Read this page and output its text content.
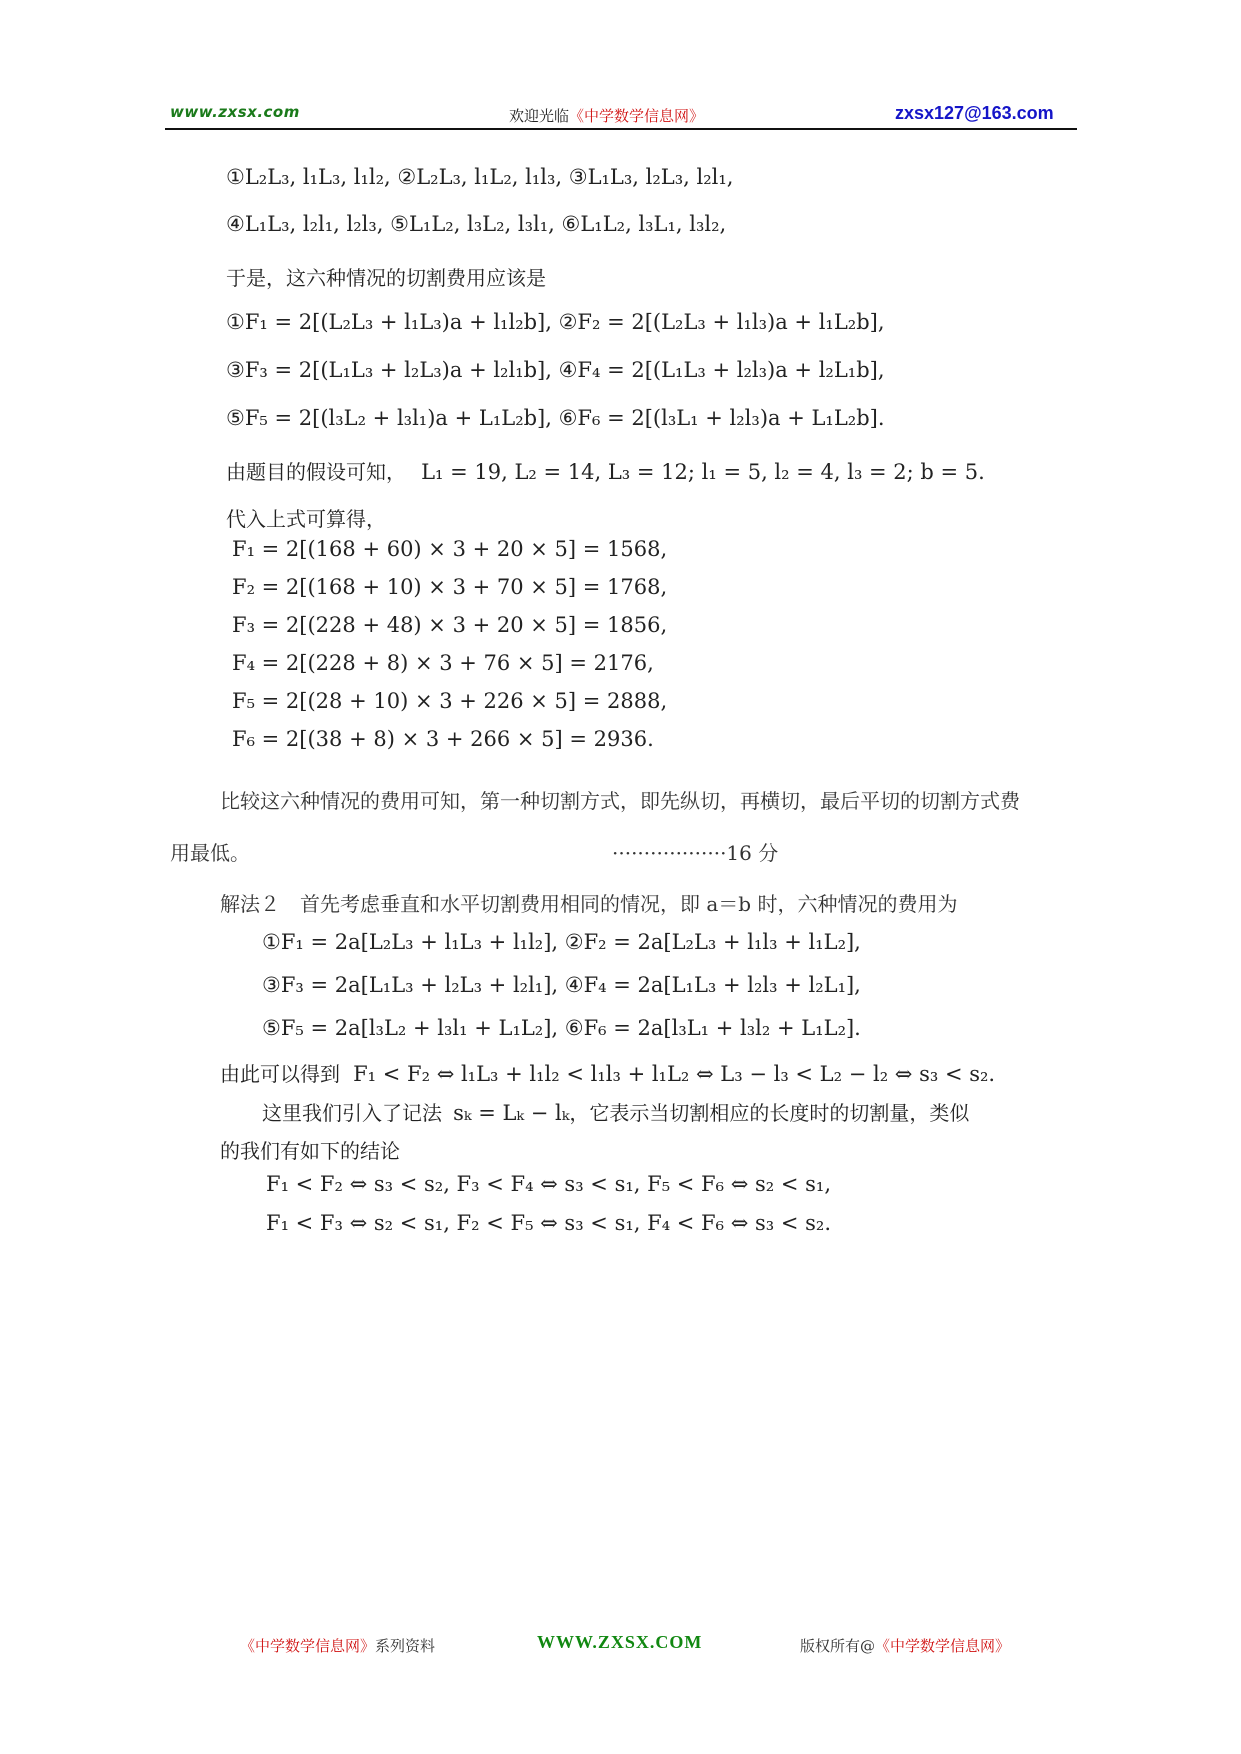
www.zxsx.com	欢迎光临《中学数学信息网》	zxsx127@163.com
①L₂L₃, l₁L₃, l₁l₂, ②L₂L₃, l₁L₂, l₁l₃, ③L₁L₃, l₂L₃, l₂l₁,
④L₁L₃, l₂l₁, l₂l₃, ⑤L₁L₂, l₃L₂, l₃l₁, ⑥L₁L₂, l₃L₁, l₃l₂,
于是，这六种情况的切割费用应该是
①F₁ = 2[(L₂L₃ + l₁L₃)a + l₁l₂b], ②F₂ = 2[(L₂L₃ + l₁l₃)a + l₁L₂b],
③F₃ = 2[(L₁L₃ + l₂L₃)a + l₂l₁b], ④F₄ = 2[(L₁L₃ + l₂l₃)a + l₂L₁b],
⑤F₅ = 2[(l₃L₂ + l₃l₁)a + L₁L₂b], ⑥F₆ = 2[(l₃L₁ + l₂l₃)a + L₁L₂b].
由题目的假设可知， L₁ = 19, L₂ = 14, L₃ = 12; l₁ = 5, l₂ = 4, l₃ = 2; b = 5.
代入上式可算得，
F₁ = 2[(168 + 60) × 3 + 20 × 5] = 1568,
F₂ = 2[(168 + 10) × 3 + 70 × 5] = 1768,
F₃ = 2[(228 + 48) × 3 + 20 × 5] = 1856,
F₄ = 2[(228 + 8) × 3 + 76 × 5] = 2176,
F₅ = 2[(28 + 10) × 3 + 226 × 5] = 2888,
F₆ = 2[(38 + 8) × 3 + 266 × 5] = 2936.
比较这六种情况的费用可知，第一种切割方式，即先纵切，再横切，最后平切的切割方式费
用最低。	··················16 分
解法２　首先考虑垂直和水平切割费用相同的情况，即 a＝b 时，六种情况的费用为
①F₁ = 2a[L₂L₃ + l₁L₃ + l₁l₂], ②F₂ = 2a[L₂L₃ + l₁l₃ + l₁L₂],
③F₃ = 2a[L₁L₃ + l₂L₃ + l₂l₁], ④F₄ = 2a[L₁L₃ + l₂l₃ + l₂L₁],
⑤F₅ = 2a[l₃L₂ + l₃l₁ + L₁L₂], ⑥F₆ = 2a[l₃L₁ + l₃l₂ + L₁L₂].
由此可以得到 F₁ < F₂ ⇔ l₁L₃ + l₁l₂ < l₁l₃ + l₁L₂ ⇔ L₃ − l₃ < L₂ − l₂ ⇔ s₃ < s₂.
这里我们引入了记法 sₖ = Lₖ − lₖ，它表示当切割相应的长度时的切割量，类似
的我们有如下的结论
F₁ < F₂ ⇔ s₃ < s₂, F₃ < F₄ ⇔ s₃ < s₁, F₅ < F₆ ⇔ s₂ < s₁,
F₁ < F₃ ⇔ s₂ < s₁, F₂ < F₅ ⇔ s₃ < s₁, F₄ < F₆ ⇔ s₃ < s₂.
《中学数学信息网》系列资料	WWW.ZXSX.COM	版权所有@《中学数学信息网》
